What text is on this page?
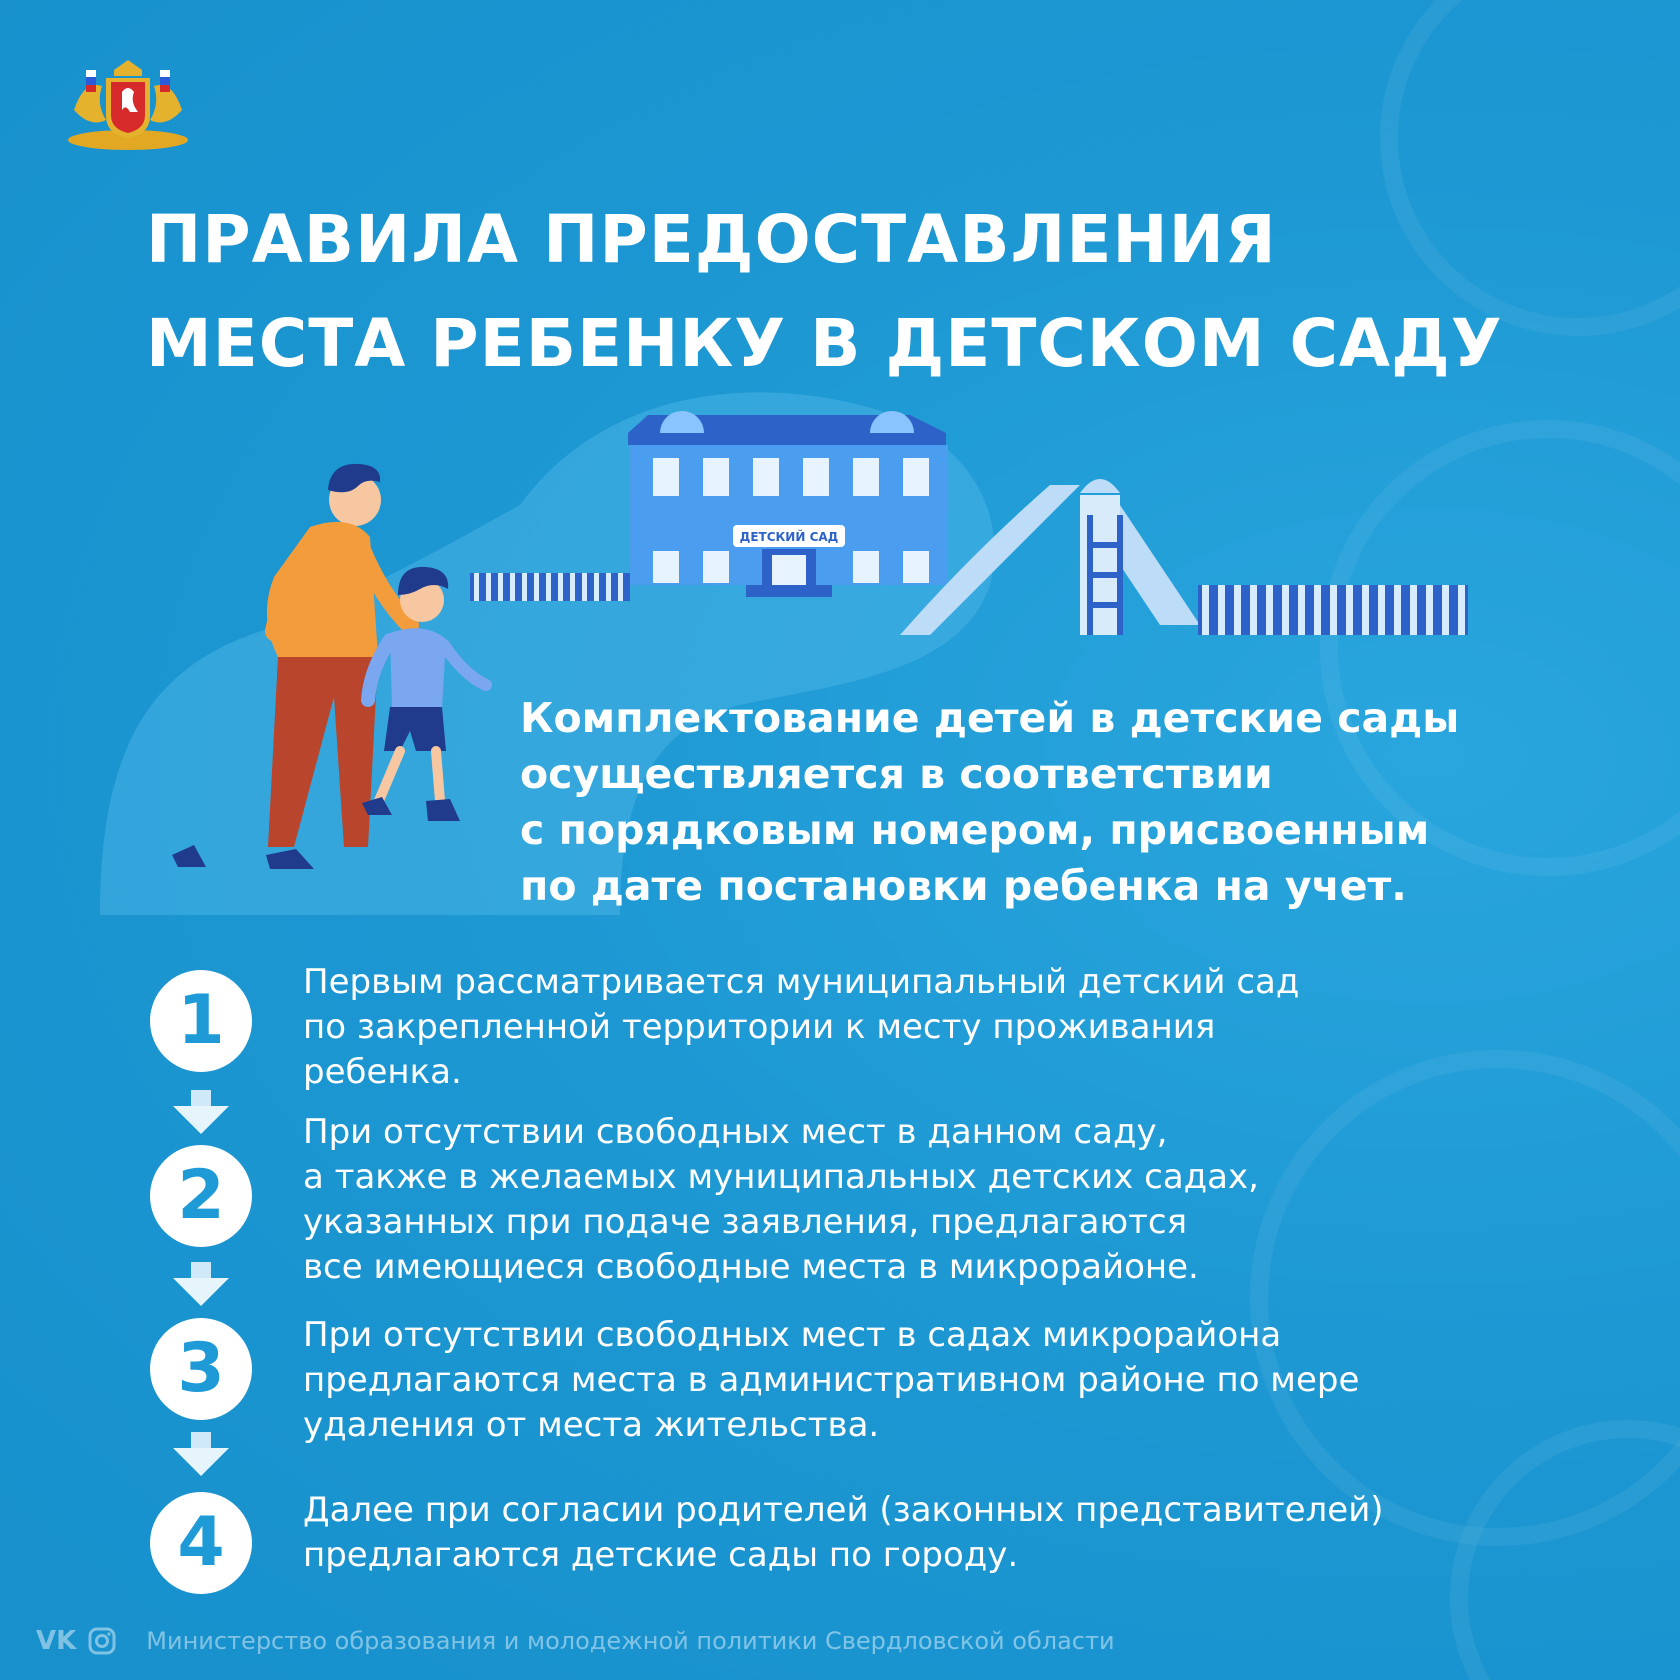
ПРАВИЛА ПРЕДОСТАВЛЕНИЯ
МЕСТА РЕБЕНКУ В ДЕТСКОМ САДУ
ДЕТСКИЙ САД
Комплектование детей в детские сады
осуществляется в соответствии
с порядковым номером, присвоенным
по дате постановки ребенка на учет.
1	Первым рассматривается муниципальный детский сад
по закрепленной территории к месту проживания
ребенка.
2
При отсутствии свободных мест в данном саду,
а также в желаемых муниципальных детских садах,
указанных при подаче заявления, предлагаются
все имеющиеся свободные места в микрорайоне.
3	При отсутствии свободных мест в садах микрорайона
предлагаются места в административном районе по мере
удаления от места жительства.
4	Далее при согласии родителей (законных представителей)
предлагаются детские сады по городу.
VK	Министерство образования и молодежной политики Свердловской области
